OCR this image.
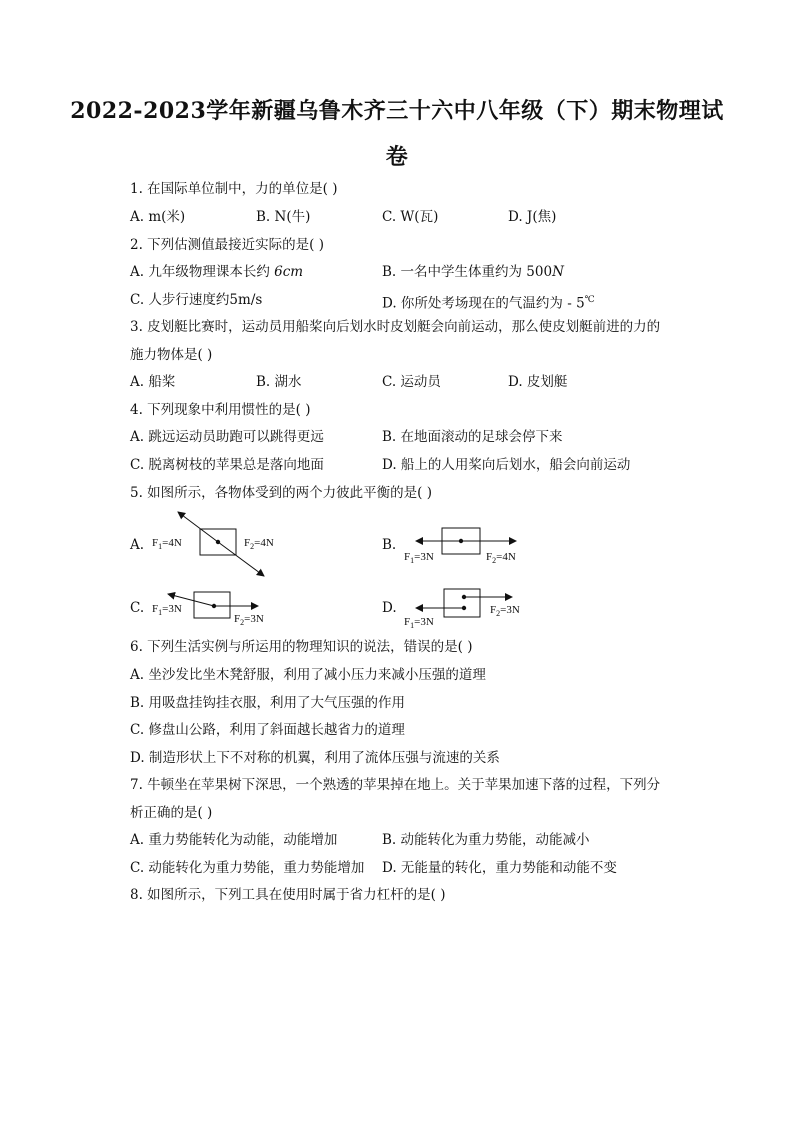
2022-2023学年新疆乌鲁木齐三十六中八年级（下）期末物理试
卷
1. 在国际单位制中，力的单位是( )
A. m(米)	B. N(牛)	C. W(瓦)	D. J(焦)
2. 下列估测值最接近实际的是( )
A. 九年级物理课本长约 6cm	B. 一名中学生体重约为 500N
C. 人步行速度约5m/s	D. 你所处考场现在的气温约为 - 5℃
3. 皮划艇比赛时，运动员用船桨向后划水时皮划艇会向前运动，那么使皮划艇前进的力的
施力物体是( )
A. 船桨	B. 湖水	C. 运动员	D. 皮划艇
4. 下列现象中利用惯性的是( )
A. 跳远运动员助跑可以跳得更远	B. 在地面滚动的足球会停下来
C. 脱离树枝的苹果总是落向地面	D. 船上的人用桨向后划水，船会向前运动
5. 如图所示，各物体受到的两个力彼此平衡的是( )
A. $F_1=4N$	$F_2=4N$	B.
$F_1=3N$	$F_2=4N$
C. $F_1=3N$
$F_2=3N$
D.
$F_1=3N$
$F_2=3N$
6. 下列生活实例与所运用的物理知识的说法，错误的是( )
A. 坐沙发比坐木凳舒服，利用了减小压力来减小压强的道理
B. 用吸盘挂钩挂衣服，利用了大气压强的作用
C. 修盘山公路，利用了斜面越长越省力的道理
D. 制造形状上下不对称的机翼，利用了流体压强与流速的关系
7. 牛顿坐在苹果树下深思，一个熟透的苹果掉在地上。关于苹果加速下落的过程，下列分
析正确的是( )
A. 重力势能转化为动能，动能增加	B. 动能转化为重力势能，动能减小
C. 动能转化为重力势能，重力势能增加 D. 无能量的转化，重力势能和动能不变
8. 如图所示，下列工具在使用时属于省力杠杆的是( )
